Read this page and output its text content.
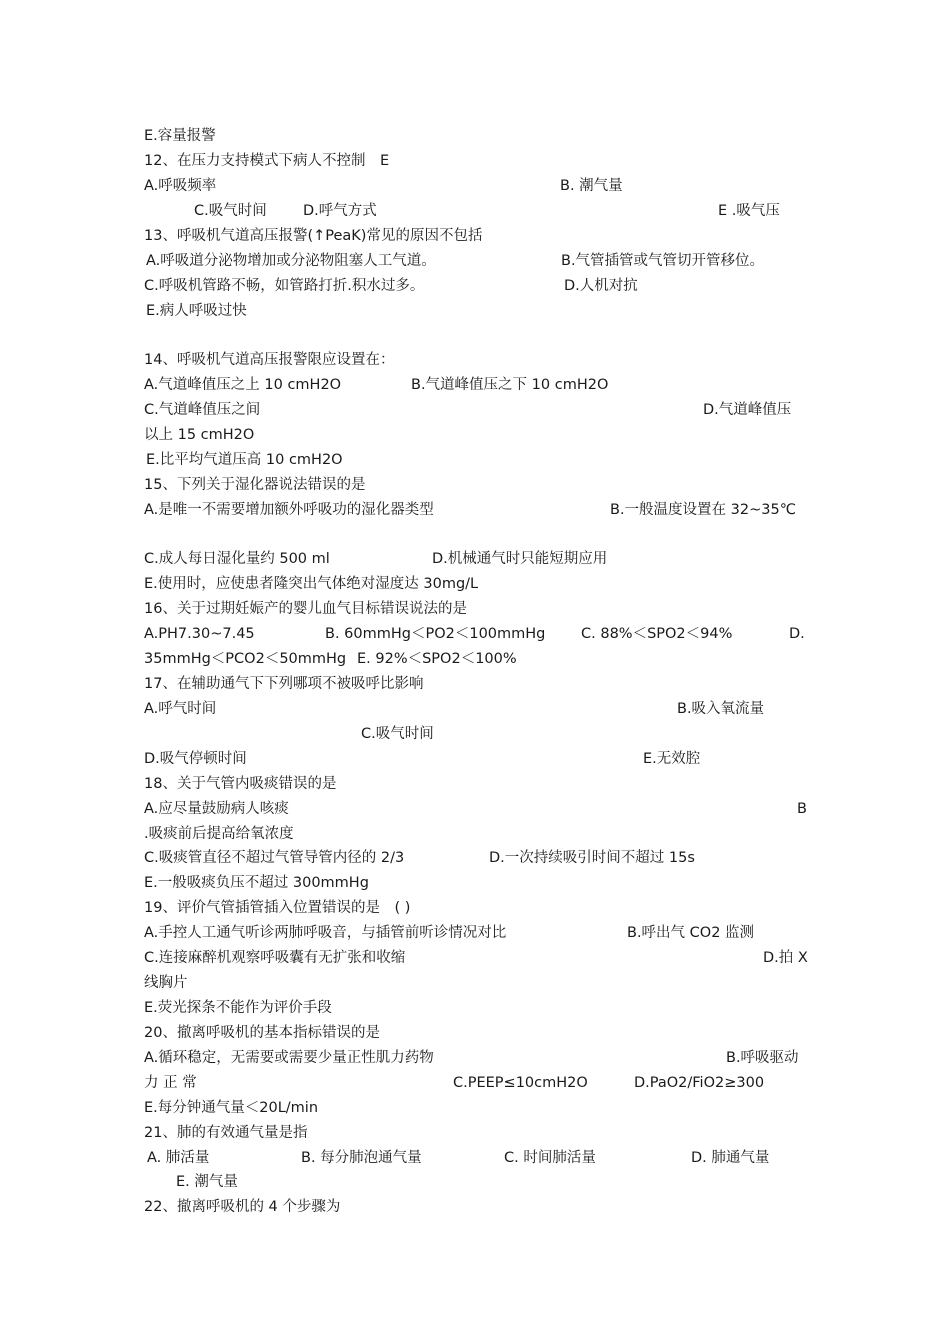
E.容量报警
12、在压力支持模式下病人不控制　E
A.呼吸频率	B. 潮气量
C.吸气时间	D.呼气方式	E .吸气压
13、呼吸机气道高压报警(↑PeaK)常见的原因不包括
A.呼吸道分泌物增加或分泌物阻塞人工气道。	B.气管插管或气管切开管移位。
C.呼吸机管路不畅，如管路打折.积水过多。	D.人机对抗
E.病人呼吸过快
14、呼吸机气道高压报警限应设置在：
A.气道峰值压之上 10 cmH2O	B.气道峰值压之下 10 cmH2O
C.气道峰值压之间	D.气道峰值压
以上 15 cmH2O
E.比平均气道压高 10 cmH2O
15、下列关于湿化器说法错误的是
A.是唯一不需要增加额外呼吸功的湿化器类型	B.一般温度设置在 32~35℃
C.成人每日湿化量约 500 ml	D.机械通气时只能短期应用
E.使用时，应使患者隆突出气体绝对湿度达 30mg/L
16、关于过期妊娠产的婴儿血气目标错误说法的是
A.PH7.30~7.45	B. 60mmHg＜PO2＜100mmHg C. 88%＜SPO2＜94%	D.
35mmHg＜PCO2＜50mmHg E. 92%＜SPO2＜100%
17、在辅助通气下下列哪项不被吸呼比影响
A.呼气时间	B.吸入氧流量
C.吸气时间
D.吸气停顿时间	E.无效腔
18、关于气管内吸痰错误的是
A.应尽量鼓励病人咳痰	B
.吸痰前后提高给氧浓度
C.吸痰管直径不超过气管导管内径的 2/3	D.一次持续吸引时间不超过 15s
E.一般吸痰负压不超过 300mmHg
19、评价气管插管插入位置错误的是　( )
A.手控人工通气听诊两肺呼吸音，与插管前听诊情况对比	B.呼出气 CO2 监测
C.连接麻醉机观察呼吸囊有无扩张和收缩	D.拍 X
线胸片
E.荧光探条不能作为评价手段
20、撤离呼吸机的基本指标错误的是
A.循环稳定，无需要或需要少量正性肌力药物	B.呼吸驱动
力 正 常	C.PEEP≤10cmH2O	D.PaO2/FiO2≥300
E.每分钟通气量＜20L/min
21、肺的有效通气量是指
A. 肺活量	B. 每分肺泡通气量	C. 时间肺活量	D. 肺通气量
E. 潮气量
22、撤离呼吸机的 4 个步骤为
